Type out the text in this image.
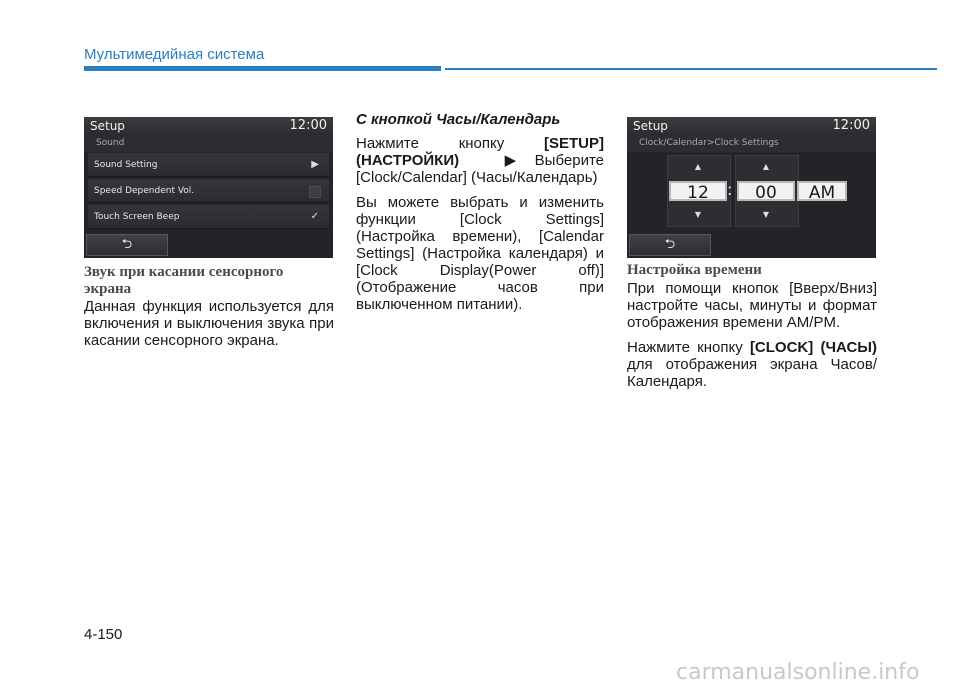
Мультимедийная система
Setup	12:00
Sound
Sound Setting	▶
Speed Dependent Vol.
Touch Screen Beep	✓
⮌
Звук при касании сенсорного экрана

Данная функция используется для включения и выключения звука при касании сенсорного экрана.

С кнопкой Часы/Календарь

Нажмите кнопку [SETUP] (НАСТРОЙКИ)	▶ Выберите [Clock/Calendar] (Часы/Календарь)

Вы можете выбрать и изменить функции [Clock Settings] (Настройка времени), [Calendar Settings] (Настройка календаря) и [Clock Display(Power off)] (Отображение часов при выключенном питании).

Setup	12:00
Clock/Calendar>Clock Settings
▲
12
▼
:
▲
00
▼
AM
⮌
Настройка времени

При помощи кнопок [Вверх/Вниз] настройте часы, минуты и формат отображения времени AM/PM.

Нажмите кнопку [CLOCK] (ЧАСЫ) для отображения экрана Часов/Календаря.

4-150
carmanualsonline.info
